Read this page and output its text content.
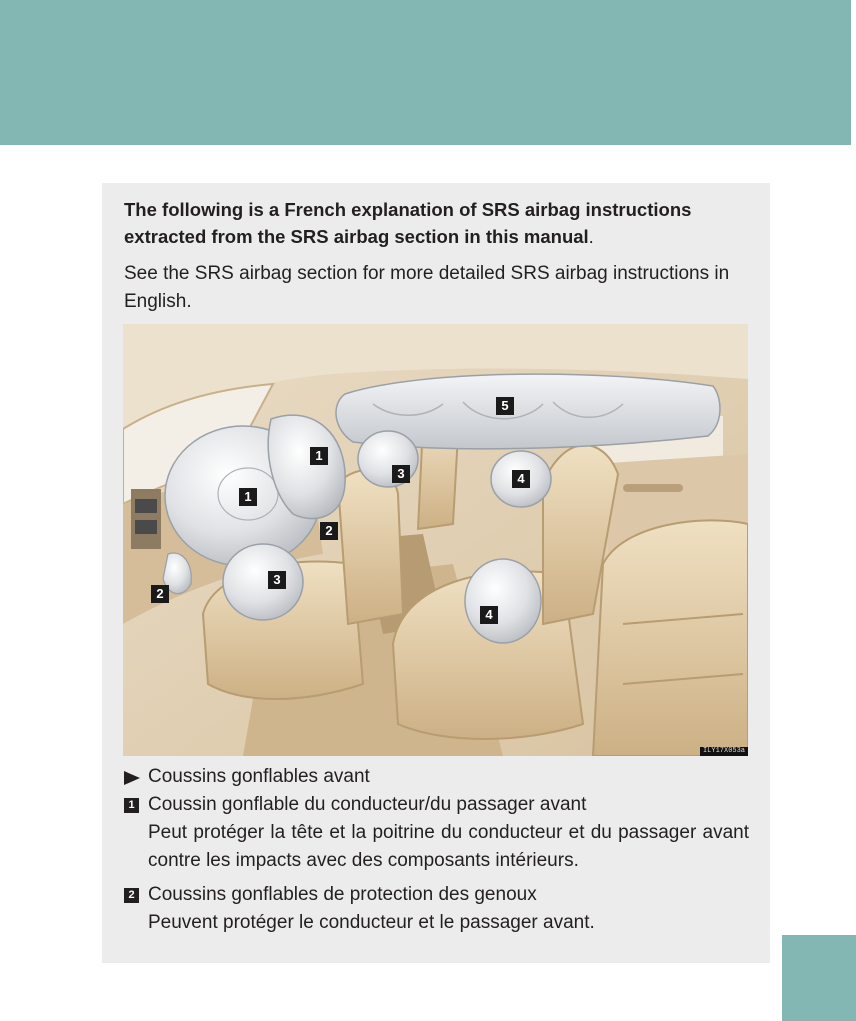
The following is a French explanation of SRS airbag instructions extracted from the SRS airbag section in this manual.
See the SRS airbag section for more detailed SRS airbag instructions in English.
1
1
2
2
3
3	4
4
5
ILY17X053a
Coussins gonflables avant
1 Coussin gonflable du conducteur/du passager avant
Peut protéger la tête et la poitrine du conducteur et du passager avant contre les impacts avec des composants intérieurs.
2 Coussins gonflables de protection des genoux
Peuvent protéger le conducteur et le passager avant.
